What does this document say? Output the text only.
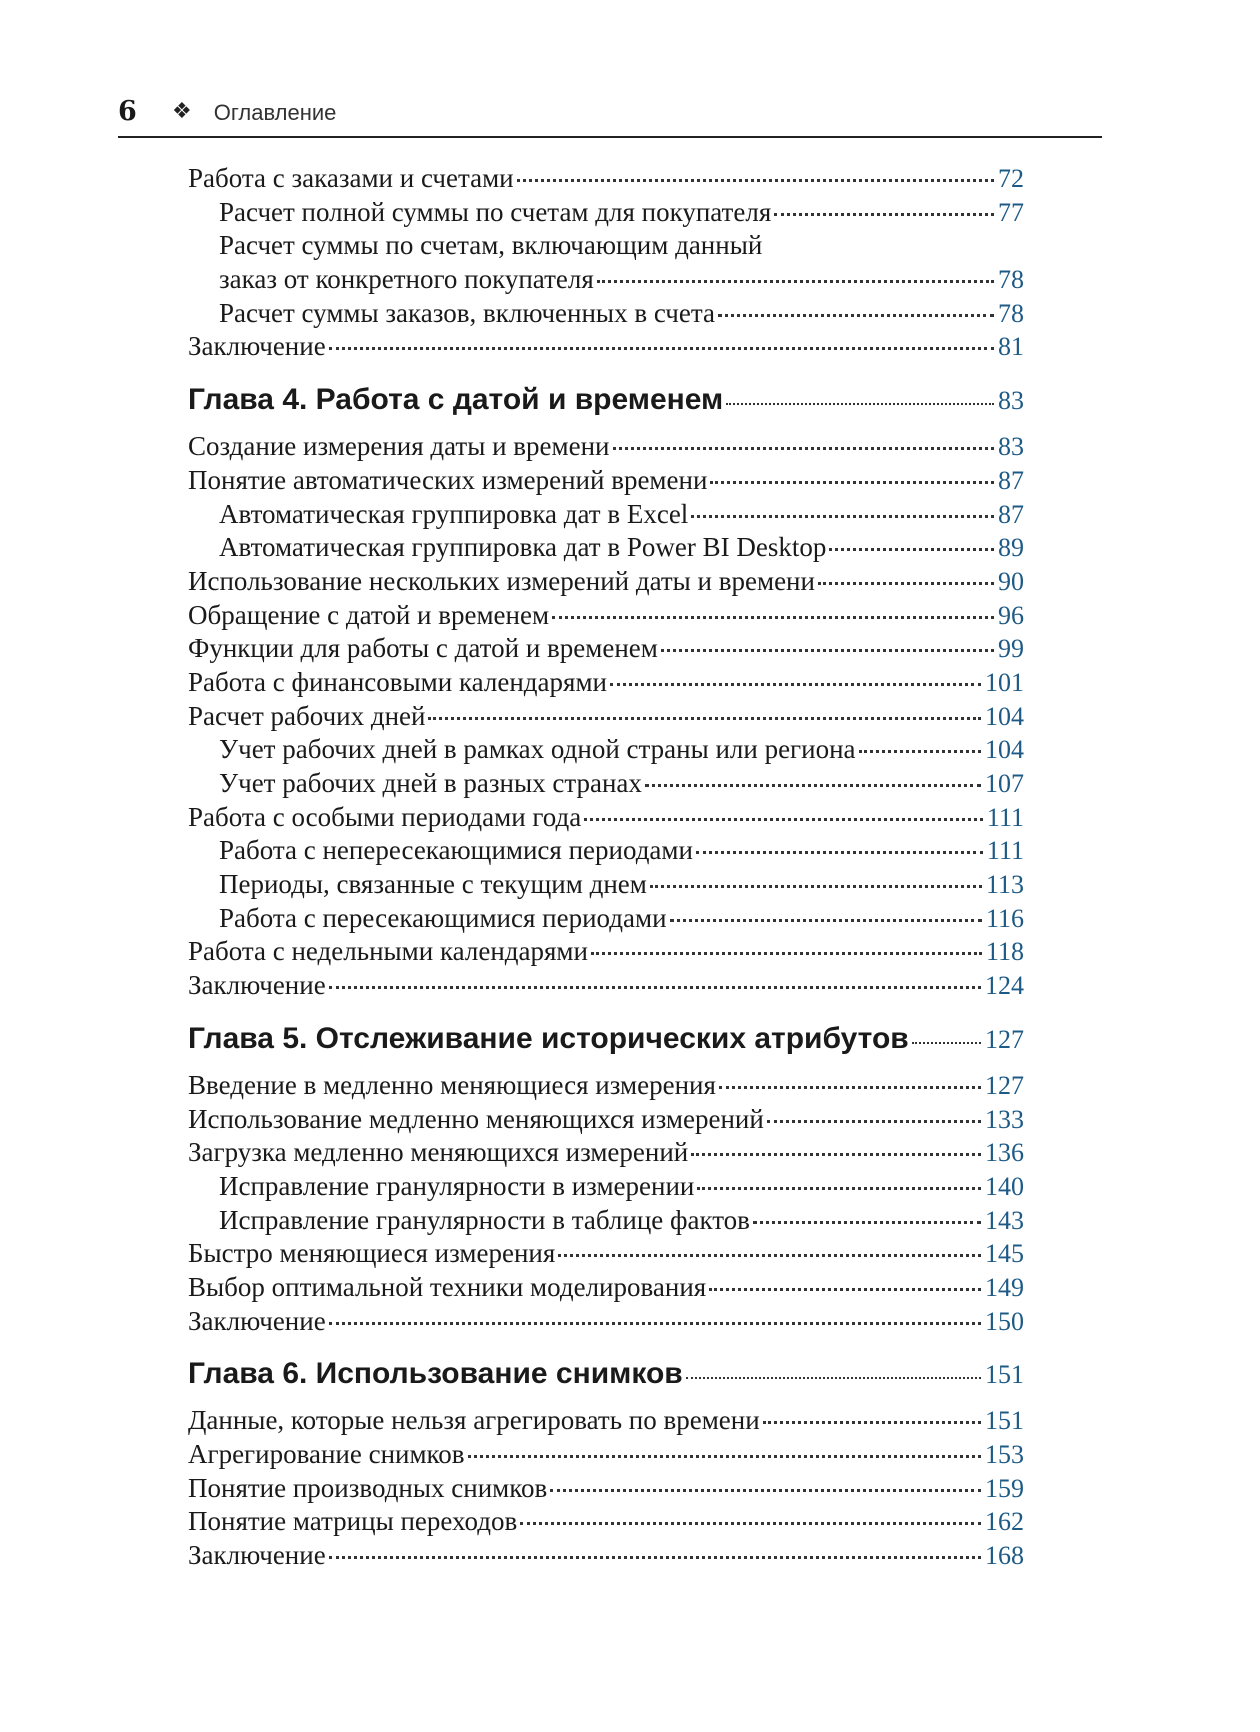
6	❖ Оглавление
Работа с заказами и счетами	72
Расчет полной суммы по счетам для покупателя	77
Расчет суммы по счетам, включающим данный
заказ от конкретного покупателя	78
Расчет суммы заказов, включенных в счета	78
Заключение	81
Глава 4. Работа с датой и временем	83
Создание измерения даты и времени	83
Понятие автоматических измерений времени	87
Автоматическая группировка дат в Excel	87
Автоматическая группировка дат в Power BI Desktop	89
Использование нескольких измерений даты и времени	90
Обращение с датой и временем	96
Функции для работы с датой и временем	99
Работа с финансовыми календарями	101
Расчет рабочих дней	104
Учет рабочих дней в рамках одной страны или региона	104
Учет рабочих дней в разных странах	107
Работа с особыми периодами года	111
Работа с непересекающимися периодами	111
Периоды, связанные с текущим днем	113
Работа с пересекающимися периодами	116
Работа с недельными календарями	118
Заключение	124
Глава 5. Отслеживание исторических атрибутов	127
Введение в медленно меняющиеся измерения	127
Использование медленно меняющихся измерений	133
Загрузка медленно меняющихся измерений	136
Исправление гранулярности в измерении	140
Исправление гранулярности в таблице фактов	143
Быстро меняющиеся измерения	145
Выбор оптимальной техники моделирования	149
Заключение	150
Глава 6. Использование снимков	151
Данные, которые нельзя агрегировать по времени	151
Агрегирование снимков	153
Понятие производных снимков	159
Понятие матрицы переходов	162
Заключение	168
